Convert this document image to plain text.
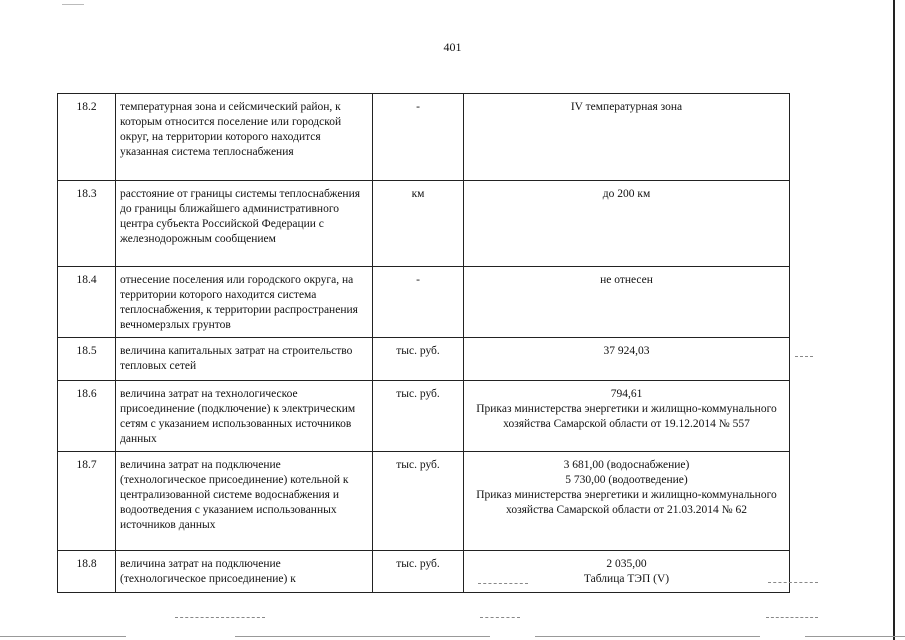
401
18.2	температурная зона и сейсмический район, к которым относится поселение или городской округ, на территории которого находится указанная система теплоснабжения	-	IV температурная зона

18.3	расстояние от границы системы теплоснабжения до границы ближайшего административного центра субъекта Российской Федерации с железнодорожным сообщением	км	до 200 км

18.4	отнесение поселения или городского округа, на территории которого находится система теплоснабжения, к территории распространения вечномерзлых грунтов	-	не отнесен

18.5	величина капитальных затрат на строительство тепловых сетей	тыс. руб.	37 924,03

18.6	величина затрат на технологическое присоединение (подключение) к электрическим сетям с указанием использованных источников данных	тыс. руб.	794,61
Приказ министерства энергетики и жилищно-коммунального хозяйства Самарской области от 19.12.2014 № 557

18.7	величина затрат на подключение (технологическое присоединение) котельной к централизованной системе водоснабжения и водоотведения с указанием использованных источников данных	тыс. руб.	3 681,00 (водоснабжение)
5 730,00 (водоотведение)
Приказ министерства энергетики и жилищно-коммунального хозяйства Самарской области от 21.03.2014 № 62

18.8	величина затрат на подключение (технологическое присоединение) к	тыс. руб.	2 035,00
Таблица ТЭП (V)
